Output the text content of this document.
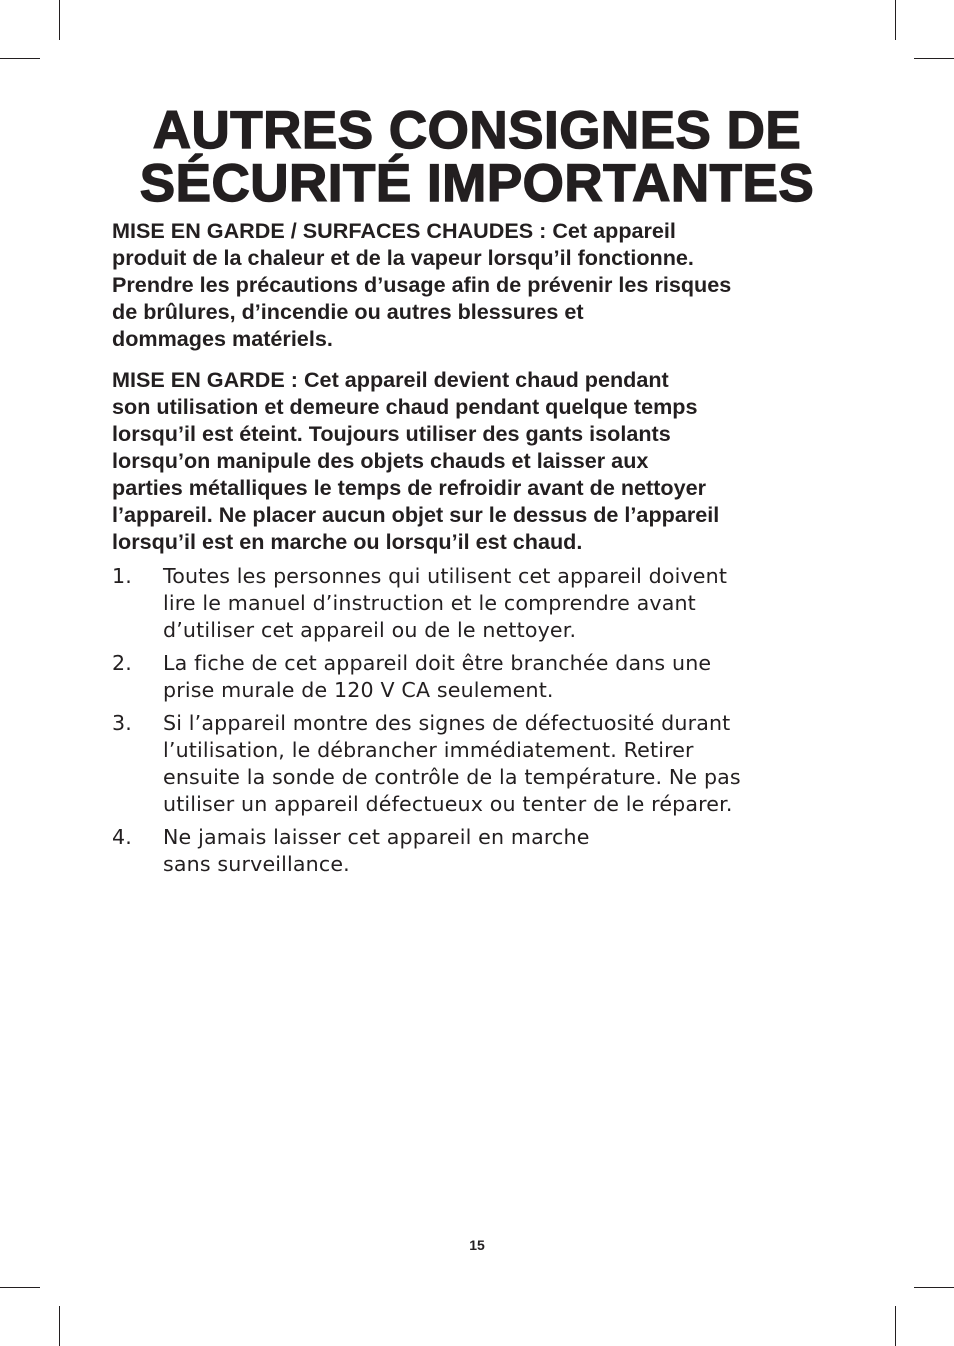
AUTRES CONSIGNES DE
SÉCURITÉ IMPORTANTES

MISE EN GARDE / SURFACES CHAUDES : Cet appareil
produit de la chaleur et de la vapeur lorsqu’il fonctionne.
Prendre les précautions d’usage afin de prévenir les risques
de brûlures, d’incendie ou autres blessures et
dommages matériels.

MISE EN GARDE : Cet appareil devient chaud pendant
son utilisation et demeure chaud pendant quelque temps
lorsqu’il est éteint. Toujours utiliser des gants isolants
lorsqu’on manipule des objets chauds et laisser aux
parties métalliques le temps de refroidir avant de nettoyer
l’appareil. Ne placer aucun objet sur le dessus de l’appareil
lorsqu’il est en marche ou lorsqu’il est chaud.

1. Toutes les personnes qui utilisent cet appareil doivent
lire le manuel d’instruction et le comprendre avant
d’utiliser cet appareil ou de le nettoyer.
2. La fiche de cet appareil doit être branchée dans une
prise murale de 120 V CA seulement.
3. Si l’appareil montre des signes de défectuosité durant
l’utilisation, le débrancher immédiatement. Retirer
ensuite la sonde de contrôle de la température. Ne pas
utiliser un appareil défectueux ou tenter de le réparer.
4. Ne jamais laisser cet appareil en marche
sans surveillance.
15
